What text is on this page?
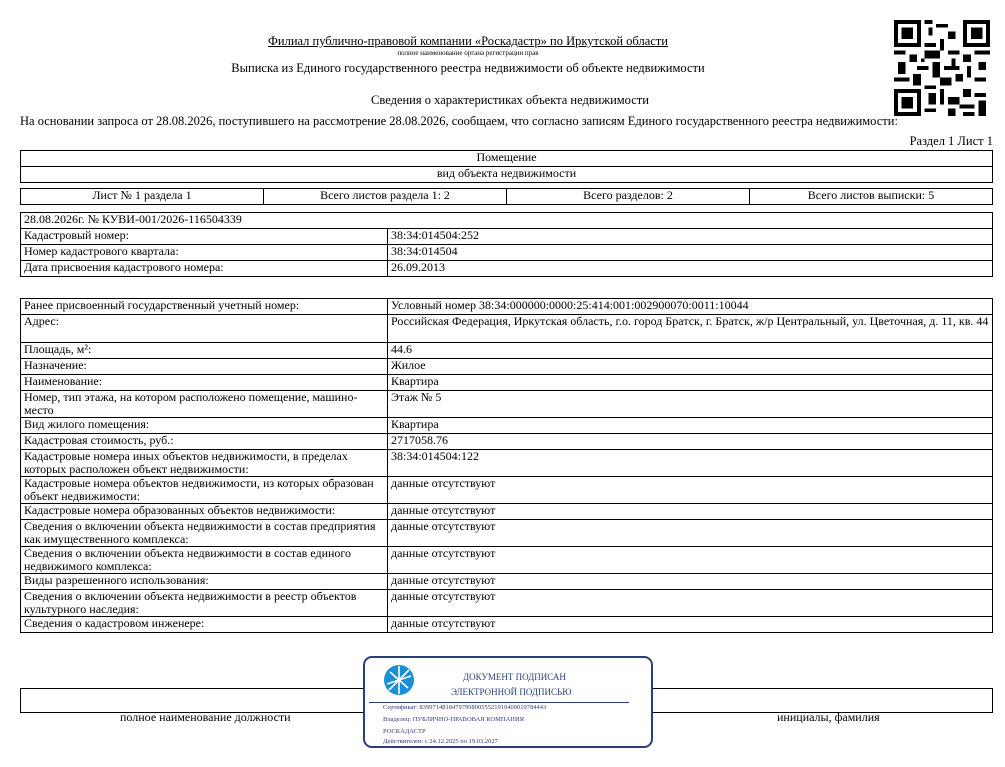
Филиал публично-правовой компании «Роскадастр» по Иркутской области
полное наименование органа регистрации прав
Выписка из Единого государственного реестра недвижимости об объекте недвижимости
Сведения о характеристиках объекта недвижимости
На основании запроса от 28.08.2026, поступившего на рассмотрение 28.08.2026, сообщаем, что согласно записям Единого государственного реестра недвижимости:
Раздел 1 Лист 1
Помещение
вид объекта недвижимости
Лист № 1 раздела 1	Всего листов раздела 1: 2	Всего разделов: 2	Всего листов выписки: 5
28.08.2026г. № КУВИ-001/2026-116504339	
Кадастровый номер:	38:34:014504:252
Номер кадастрового квартала:	38:34:014504
Дата присвоения кадастрового номера:	26.09.2013
Ранее присвоенный государственный учетный номер:	Условный номер 38:34:000000:0000:25:414:001:002900070:0011:10044
Адрес:	Российская Федерация, Иркутская область, г.о. город Братск, г. Братск, ж/р Центральный, ул. Цветочная, д. 11, кв. 44
Площадь, м²:	44.6
Назначение:	Жилое
Наименование:	Квартира
Номер, тип этажа, на котором расположено помещение, машино-место	Этаж № 5
Вид жилого помещения:	Квартира
Кадастровая стоимость, руб.:	2717058.76
Кадастровые номера иных объектов недвижимости, в пределах которых расположен объект недвижимости:	38:34:014504:122
Кадастровые номера объектов недвижимости, из которых образован объект недвижимости:	данные отсутствуют
Кадастровые номера образованных объектов недвижимости:	данные отсутствуют
Сведения о включении объекта недвижимости в состав предприятия как имущественного комплекса:	данные отсутствуют
Сведения о включении объекта недвижимости в состав единого недвижимого комплекса:	данные отсутствуют
Виды разрешенного использования:	данные отсутствуют
Сведения о включении объекта недвижимости в реестр объектов культурного наследия:	данные отсутствуют
Сведения о кадастровом инженере:	данные отсутствуют
полное наименование должности	инициалы, фамилия
ДОКУМЕНТ ПОДПИСАН
ЭЛЕКТРОННОЙ ПОДПИСЬЮ
Сертификат: 839971481847979980055521910400019784443
Владелец: ПУБЛИЧНО-ПРАВОВАЯ КОМПАНИЯ
РОСКАДАСТР
Действителен: с 24.12.2025 по 19.03.2027
